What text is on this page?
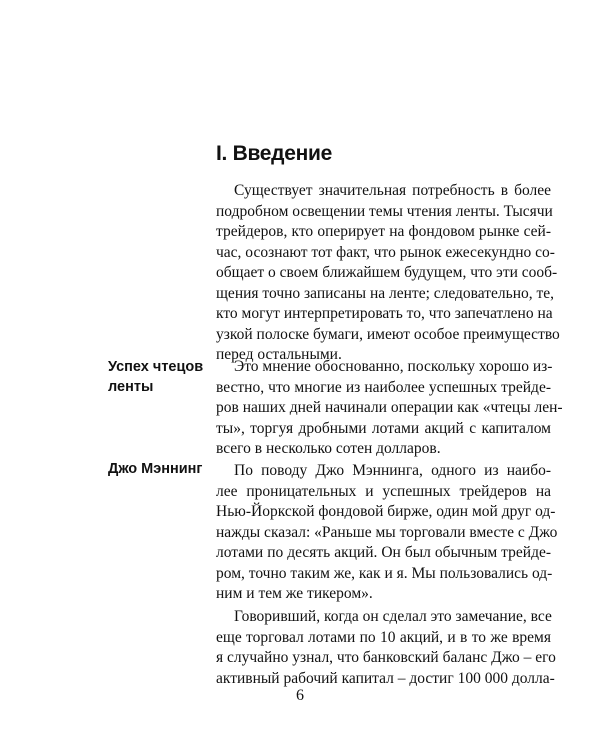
I. Введение
Существует значительная потребность в более
подробном освещении темы чтения ленты. Тысячи
трейдеров, кто оперирует на фондовом рынке сей-
час, осознают тот факт, что рынок ежесекундно со-
общает о своем ближайшем будущем, что эти сооб-
щения точно записаны на ленте; следовательно, те,
кто могут интерпретировать то, что запечатлено на
узкой полоске бумаги, имеют особое преимущество
перед остальными.
Успех чтецов ленты
Это мнение обоснованно, поскольку хорошо из-
вестно, что многие из наиболее успешных трейде-
ров наших дней начинали операции как «чтецы лен-
ты», торгуя дробными лотами акций с капиталом
всего в несколько сотен долларов.
Джо Мэннинг	По поводу Джо Мэннинга, одного из наибо-
лее проницательных и успешных трейдеров на
Нью-Йоркской фондовой бирже, один мой друг од-
нажды сказал: «Раньше мы торговали вместе с Джо
лотами по десять акций. Он был обычным трейде-
ром, точно таким же, как и я. Мы пользовались од-
ним и тем же тикером».
Говоривший, когда он сделал это замечание, все
еще торговал лотами по 10 акций, и в то же время
я случайно узнал, что банковский баланс Джо – его
активный рабочий капитал – достиг 100 000 долла-
6
